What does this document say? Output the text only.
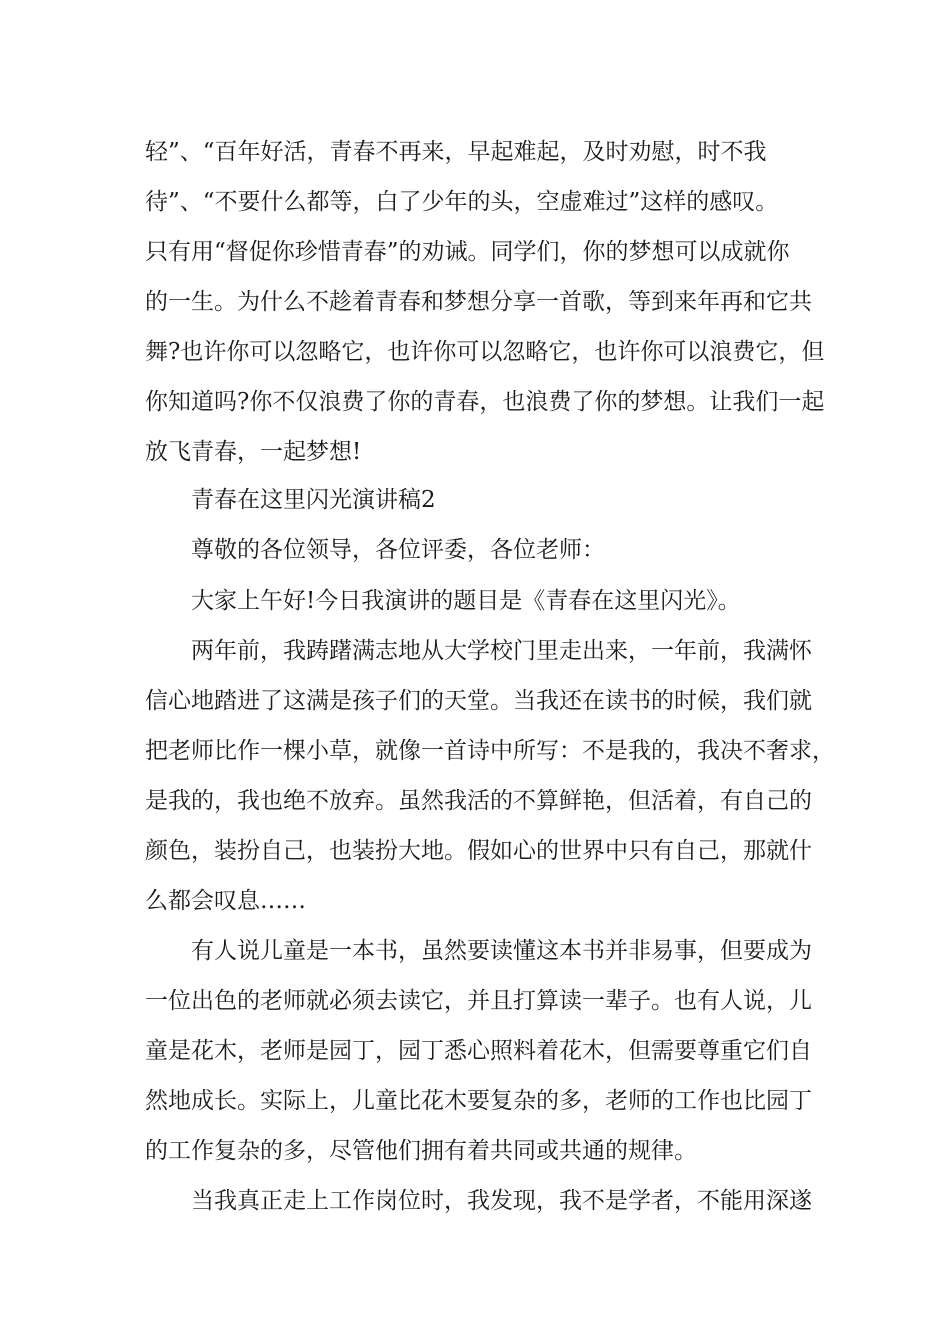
轻”、“百年好活，青春不再来，早起难起，及时劝慰，时不我

待”、“不要什么都等，白了少年的头，空虚难过”这样的感叹。

只有用“督促你珍惜青春”的劝诫。同学们，你的梦想可以成就你

的一生。为什么不趁着青春和梦想分享一首歌，等到来年再和它共

舞?也许你可以忽略它，也许你可以忽略它，也许你可以浪费它，但

你知道吗?你不仅浪费了你的青春，也浪费了你的梦想。让我们一起

放飞青春，一起梦想!

青春在这里闪光演讲稿2

尊敬的各位领导，各位评委，各位老师：

大家上午好!今日我演讲的题目是《青春在这里闪光》。

两年前，我踌躇满志地从大学校门里走出来，一年前，我满怀

信心地踏进了这满是孩子们的天堂。当我还在读书的时候，我们就

把老师比作一棵小草，就像一首诗中所写：不是我的，我决不奢求，

是我的，我也绝不放弃。虽然我活的不算鲜艳，但活着，有自己的

颜色，装扮自己，也装扮大地。假如心的世界中只有自己，那就什

么都会叹息……

有人说儿童是一本书，虽然要读懂这本书并非易事，但要成为

一位出色的老师就必须去读它，并且打算读一辈子。也有人说，儿

童是花木，老师是园丁，园丁悉心照料着花木，但需要尊重它们自

然地成长。实际上，儿童比花木要复杂的多，老师的工作也比园丁

的工作复杂的多，尽管他们拥有着共同或共通的规律。

当我真正走上工作岗位时，我发现，我不是学者，不能用深遂
